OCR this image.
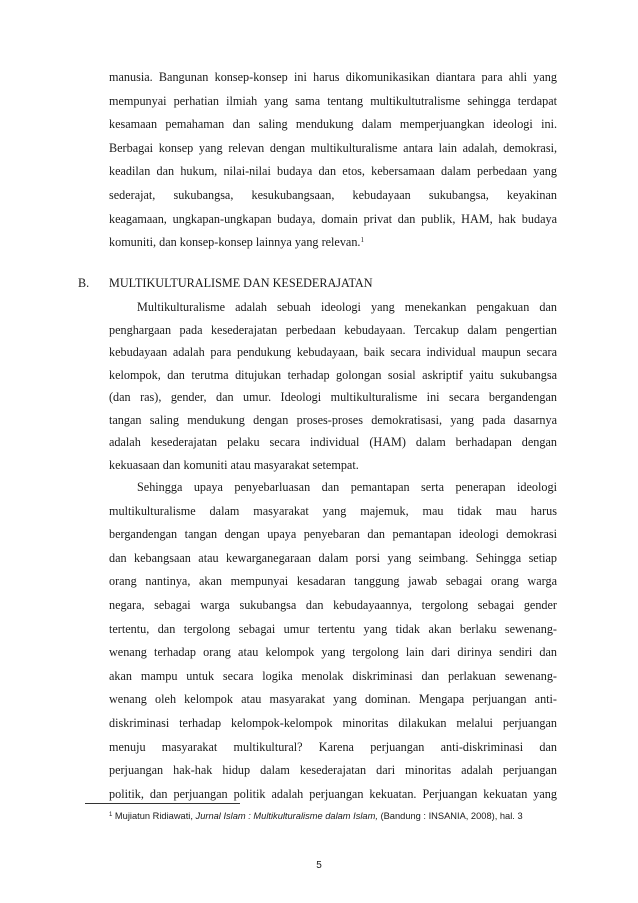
manusia. Bangunan konsep-konsep ini harus dikomunikasikan diantara para ahli yang
mempunyai perhatian ilmiah yang sama tentang multikultutralisme sehingga terdapat
kesamaan pemahaman dan saling mendukung dalam memperjuangkan ideologi ini.
Berbagai konsep yang relevan dengan multikulturalisme antara lain adalah, demokrasi,
keadilan dan hukum, nilai-nilai budaya dan etos, kebersamaan dalam perbedaan yang
sederajat, sukubangsa, kesukubangsaan, kebudayaan sukubangsa, keyakinan
keagamaan, ungkapan-ungkapan budaya, domain privat dan publik, HAM, hak budaya
komuniti, dan konsep-konsep lainnya yang relevan.$^1$
B. MULTIKULTURALISME DAN KESEDERAJATAN
Multikulturalisme adalah sebuah ideologi yang menekankan pengakuan dan
penghargaan pada kesederajatan perbedaan kebudayaan. Tercakup dalam pengertian
kebudayaan adalah para pendukung kebudayaan, baik secara individual maupun secara
kelompok, dan terutma ditujukan terhadap golongan sosial askriptif yaitu sukubangsa
(dan ras), gender, dan umur. Ideologi multikulturalisme ini secara bergandengan
tangan saling mendukung dengan proses-proses demokratisasi, yang pada dasarnya
adalah kesederajatan pelaku secara individual (HAM) dalam berhadapan dengan
kekuasaan dan komuniti atau masyarakat setempat.
Sehingga upaya penyebarluasan dan pemantapan serta penerapan ideologi
multikulturalisme dalam masyarakat yang majemuk, mau tidak mau harus
bergandengan tangan dengan upaya penyebaran dan pemantapan ideologi demokrasi
dan kebangsaan atau kewarganegaraan dalam porsi yang seimbang. Sehingga setiap
orang nantinya, akan mempunyai kesadaran tanggung jawab sebagai orang warga
negara, sebagai warga sukubangsa dan kebudayaannya, tergolong sebagai gender
tertentu, dan tergolong sebagai umur tertentu yang tidak akan berlaku sewenang-
wenang terhadap orang atau kelompok yang tergolong lain dari dirinya sendiri dan
akan mampu untuk secara logika menolak diskriminasi dan perlakuan sewenang-
wenang oleh kelompok atau masyarakat yang dominan. Mengapa perjuangan anti-
diskriminasi terhadap kelompok-kelompok minoritas dilakukan melalui perjuangan
menuju masyarakat multikultural? Karena perjuangan anti-diskriminasi dan
perjuangan hak-hak hidup dalam kesederajatan dari minoritas adalah perjuangan
politik, dan perjuangan politik adalah perjuangan kekuatan. Perjuangan kekuatan yang
$^1$ Mujiatun Ridiawati, Jurnal Islam : Multikulturalisme dalam Islam, (Bandung : INSANIA, 2008), hal. 3
5
